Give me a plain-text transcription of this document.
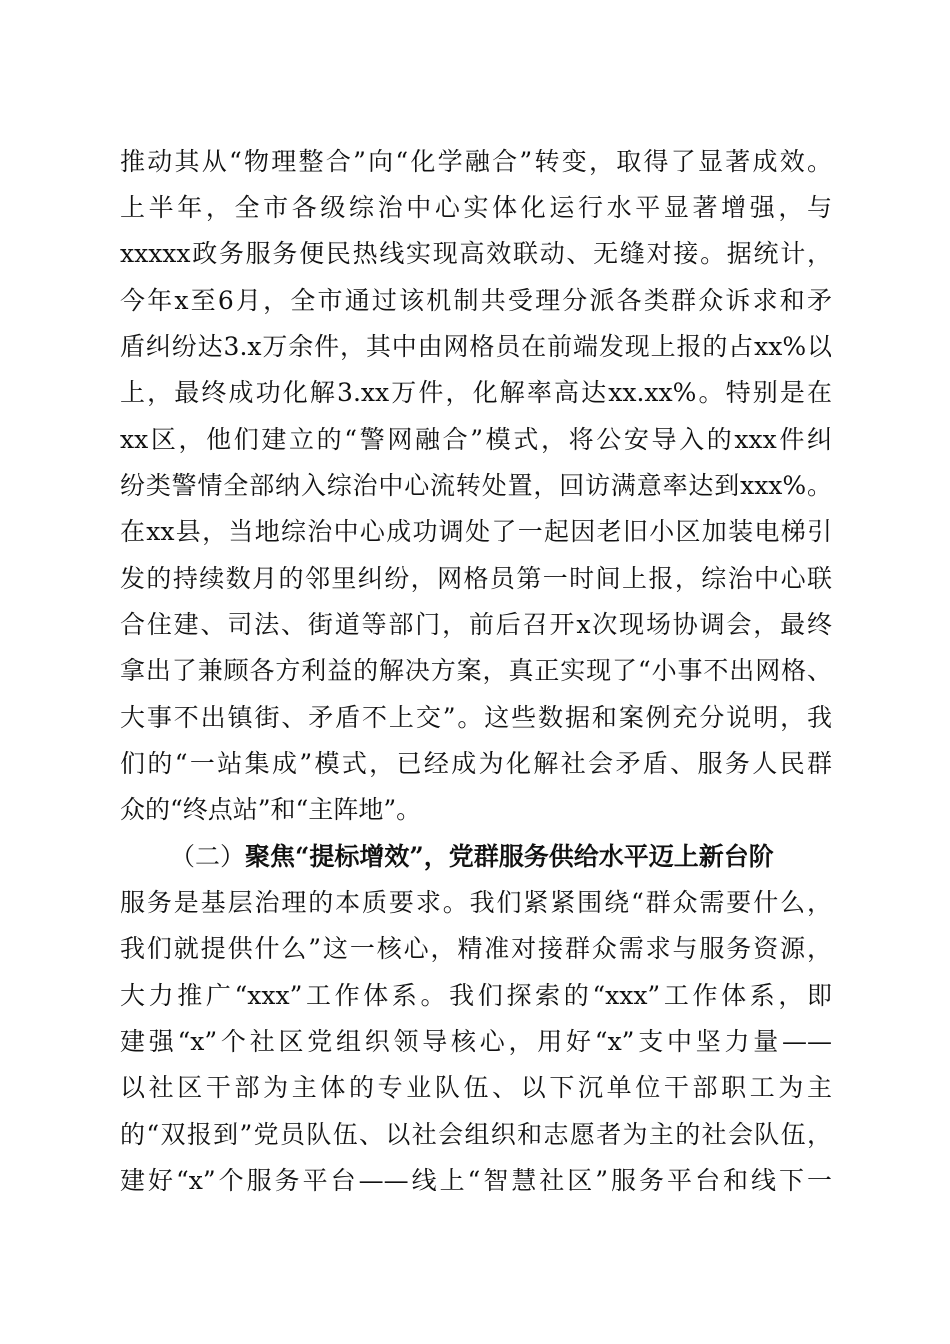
推动其从“物理整合”向“化学融合”转变，取得了显著成效。
上半年，全市各级综治中心实体化运行水平显著增强，与
xxxxx政务服务便民热线实现高效联动、无缝对接。据统计，
今年x至6月，全市通过该机制共受理分派各类群众诉求和矛
盾纠纷达3.x万余件，其中由网格员在前端发现上报的占xx%以
上，最终成功化解3.xx万件，化解率高达xx.xx%。特别是在
xx区，他们建立的“警网融合”模式，将公安导入的xxx件纠
纷类警情全部纳入综治中心流转处置，回访满意率达到xxx%。
在xx县，当地综治中心成功调处了一起因老旧小区加装电梯引
发的持续数月的邻里纠纷，网格员第一时间上报，综治中心联
合住建、司法、街道等部门，前后召开x次现场协调会，最终
拿出了兼顾各方利益的解决方案，真正实现了“小事不出网格、
大事不出镇街、矛盾不上交”。这些数据和案例充分说明，我
们的“一站集成”模式，已经成为化解社会矛盾、服务人民群
众的“终点站”和“主阵地”。
（二）聚焦“提标增效”，党群服务供给水平迈上新台阶
服务是基层治理的本质要求。我们紧紧围绕“群众需要什么，
我们就提供什么”这一核心，精准对接群众需求与服务资源，
大力推广“xxx”工作体系。我们探索的“xxx”工作体系，即
建强“x”个社区党组织领导核心，用好“x”支中坚力量——
以社区干部为主体的专业队伍、以下沉单位干部职工为主
的“双报到”党员队伍、以社会组织和志愿者为主的社会队伍，
建好“x”个服务平台——线上“智慧社区”服务平台和线下一
